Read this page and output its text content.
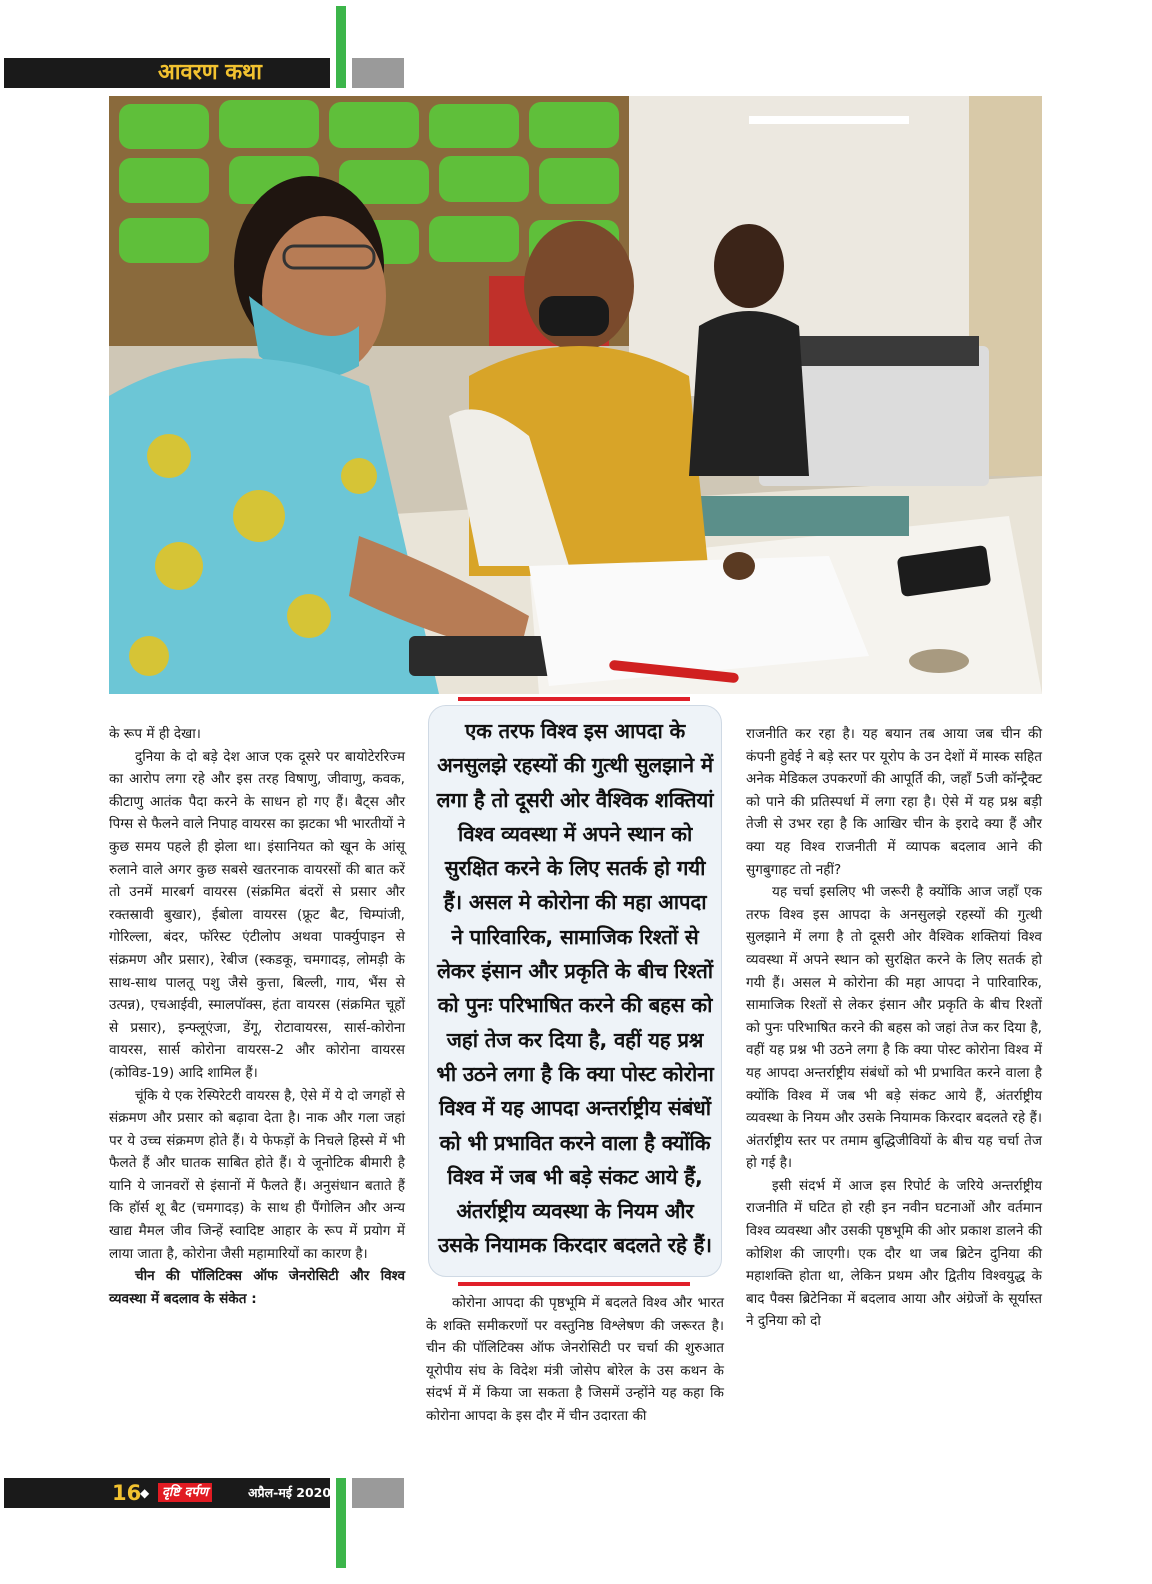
आवरण कथा

के रूप में ही देखा।

दुनिया के दो बड़े देश आज एक दूसरे पर बायोटेररिज्म का आरोप लगा रहे और इस तरह विषाणु, जीवाणु, कवक, कीटाणु आतंक पैदा करने के साधन हो गए हैं। बैट्स और पिग्स से फैलने वाले निपाह वायरस का झटका भी भारतीयों ने कुछ समय पहले ही झेला था। इंसानियत को खून के आंसू रुलाने वाले अगर कुछ सबसे खतरनाक वायरसों की बात करें तो उनमें मारबर्ग वायरस (संक्रमित बंदरों से प्रसार और रक्तस्रावी बुखार), ईबोला वायरस (फ्रूट बैट, चिम्पांजी, गोरिल्ला, बंदर, फॉरेस्ट एंटीलोप अथवा पार्क्युपाइन से संक्रमण और प्रसार), रेबीज (स्कडकू, चमगादड़, लोमड़ी के साथ-साथ पालतू पशु जैसे कुत्ता, बिल्ली, गाय, भैंस से उत्पन्न), एचआईवी, स्मालपॉक्स, हंता वायरस (संक्रमित चूहों से प्रसार), इन्फ्लूएंजा, डेंगू, रोटावायरस, सार्स-कोरोना वायरस, सार्स कोरोना वायरस-2 और कोरोना वायरस (कोविड-19) आदि शामिल हैं।

चूंकि ये एक रेस्पिरेटरी वायरस है, ऐसे में ये दो जगहों से संक्रमण और प्रसार को बढ़ावा देता है। नाक और गला जहां पर ये उच्च संक्रमण होते हैं। ये फेफड़ों के निचले हिस्से में भी फैलते हैं और घातक साबित होते हैं। ये जूनोटिक बीमारी है यानि ये जानवरों से इंसानों में फैलते हैं। अनुसंधान बताते हैं कि हॉर्स शू बैट (चमगादड़) के साथ ही पैंगोलिन और अन्य खाद्य मैमल जीव जिन्हें स्वादिष्ट आहार के रूप में प्रयोग में लाया जाता है, कोरोना जैसी महामारियों का कारण है।

चीन की पॉलिटिक्स ऑफ जेनरोसिटी और विश्व व्यवस्था में बदलाव के संकेत :

एक तरफ विश्व इस आपदा के अनसुलझे रहस्यों की गुत्थी सुलझाने में लगा है तो दूसरी ओर वैश्विक शक्तियां विश्व व्यवस्था में अपने स्थान को सुरक्षित करने के लिए सतर्क हो गयी हैं। असल मे कोरोना की महा आपदा ने पारिवारिक, सामाजिक रिश्तों से लेकर इंसान और प्रकृति के बीच रिश्तों को पुनः परिभाषित करने की बहस को जहां तेज कर दिया है, वहीं यह प्रश्न भी उठने लगा है कि क्या पोस्ट कोरोना विश्व में यह आपदा अन्तर्राष्ट्रीय संबंधों को भी प्रभावित करने वाला है क्योंकि विश्व में जब भी बड़े संकट आये हैं, अंतर्राष्ट्रीय व्यवस्था के नियम और उसके नियामक किरदार बदलते रहे हैं।

कोरोना आपदा की पृष्ठभूमि में बदलते विश्व और भारत के शक्ति समीकरणों पर वस्तुनिष्ठ विश्लेषण की जरूरत है। चीन की पॉलिटिक्स ऑफ जेनरोसिटी पर चर्चा की शुरुआत यूरोपीय संघ के विदेश मंत्री जोसेप बोरेल के उस कथन के संदर्भ में में किया जा सकता है जिसमें उन्होंने यह कहा कि कोरोना आपदा के इस दौर में चीन उदारता की

राजनीति कर रहा है। यह बयान तब आया जब चीन की कंपनी हुवेई ने बड़े स्तर पर यूरोप के उन देशों में मास्क सहित अनेक मेडिकल उपकरणों की आपूर्ति की, जहाँ 5जी कॉन्ट्रैक्ट को पाने की प्रतिस्पर्धा में लगा रहा है। ऐसे में यह प्रश्न बड़ी तेजी से उभर रहा है कि आखिर चीन के इरादे क्या हैं और क्या यह विश्व राजनीती में व्यापक बदलाव आने की सुगबुगाहट तो नहीं?

यह चर्चा इसलिए भी जरूरी है क्योंकि आज जहाँ एक तरफ विश्व इस आपदा के अनसुलझे रहस्यों की गुत्थी सुलझाने में लगा है तो दूसरी ओर वैश्विक शक्तियां विश्व व्यवस्था में अपने स्थान को सुरक्षित करने के लिए सतर्क हो गयी हैं। असल मे कोरोना की महा आपदा ने पारिवारिक, सामाजिक रिश्तों से लेकर इंसान और प्रकृति के बीच रिश्तों को पुनः परिभाषित करने की बहस को जहां तेज कर दिया है, वहीं यह प्रश्न भी उठने लगा है कि क्या पोस्ट कोरोना विश्व में यह आपदा अन्तर्राष्ट्रीय संबंधों को भी प्रभावित करने वाला है क्योंकि विश्व में जब भी बड़े संकट आये हैं, अंतर्राष्ट्रीय व्यवस्था के नियम और उसके नियामक किरदार बदलते रहे हैं। अंतर्राष्ट्रीय स्तर पर तमाम बुद्धिजीवियों के बीच यह चर्चा तेज हो गई है।

इसी संदर्भ में आज इस रिपोर्ट के जरिये अन्तर्राष्ट्रीय राजनीति में घटित हो रही इन नवीन घटनाओं और वर्तमान विश्व व्यवस्था और उसकी पृष्ठभूमि की ओर प्रकाश डालने की कोशिश की जाएगी। एक दौर था जब ब्रिटेन दुनिया की महाशक्ति होता था, लेकिन प्रथम और द्वितीय विश्वयुद्ध के बाद पैक्स ब्रिटेनिका में बदलाव आया और अंग्रेजों के सूर्यास्त ने दुनिया को दो

16
◆ दृष्टि दर्पण	अप्रैल-मई 2020
